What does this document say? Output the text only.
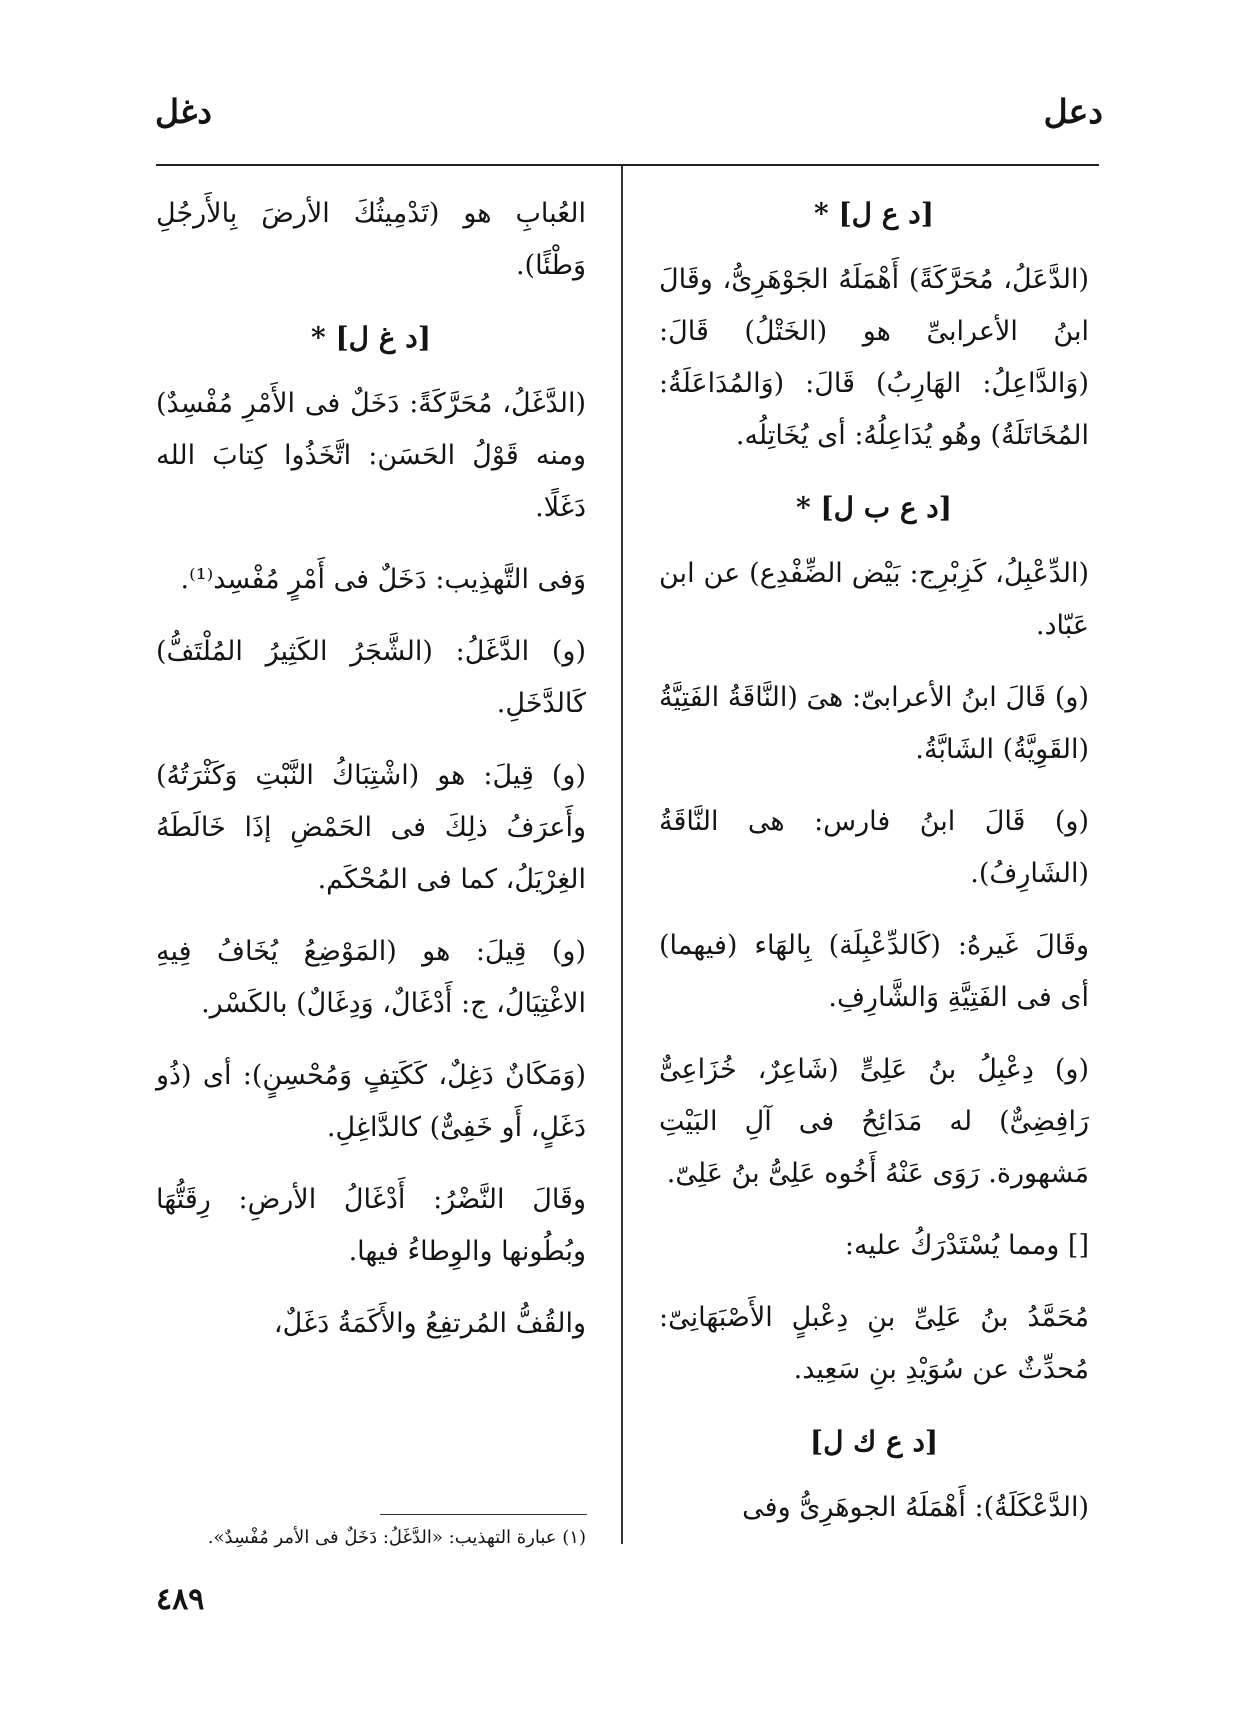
دعل
دغل

[د ع ل] *

(الدَّعَلُ، مُحَرَّكَةً) أَهْمَلَهُ الجَوْهَرِىُّ، وقَالَ ابنُ الأعرابىِّ هو (الخَتْلُ) قَالَ: (وَالدَّاعِلُ: الهَارِبُ) قَالَ: (وَالمُدَاعَلَةُ: المُخَاتَلَةُ) وهُو يُدَاعِلُهُ: أى يُخَاتِلُه.

[د ع ب ل] *

(الدِّعْبِلُ، كَزِبْرِج: بَيْض الضِّفْدِع) عن ابن عَبّاد.

(و) قَالَ ابنُ الأعرابىّ: هىَ (النَّاقَةُ الفَتِيَّةُ (القَوِيَّةُ) الشَابَّةُ.

(و) قَالَ ابنُ فارس: هى النَّاقَةُ (الشَارِفُ).

وقَالَ غَيرهُ: (كَالدِّعْبِلَة) بِالهَاء (فيهما) أى فى الفَتِيَّةِ وَالشَّارِفِ.

(و) دِعْبِلُ بنُ عَلِىٍّ (شَاعِرٌ، خُزَاعِىٌّ رَافِضِىٌّ) له مَدَائِحُ فى آلِ البَيْتِ مَشهورة. رَوَى عَنْهُ أَخُوه عَلِىُّ بنُ عَلِىّ.

[] ومما يُسْتَدْرَكُ عليه:

مُحَمَّدُ بنُ عَلِىِّ بنِ دِعْبلٍ الأَصْبَهَانِىّ: مُحدِّثٌ عن سُوَيْدِ بنِ سَعِيد.

[د ع ك ل]

(الدَّعْكَلَةُ): أَهْمَلَهُ الجوهَرِىُّ وفى

العُبابِ هو (تَدْمِيثُكَ الأرضَ بِالأَرجُلِ وَطْئًا).

[د غ ل] *

(الدَّغَلُ، مُحَرَّكَةً: دَخَلٌ فى الأَمْرِ مُفْسِدٌ) ومنه قَوْلُ الحَسَن: اتَّخَذُوا كِتابَ الله دَغَلًا.

وَفى التَّهذِيب: دَخَلٌ فى أَمْرٍ مُفْسِد⁽¹⁾.

(و) الدَّغَلُ: (الشَّجَرُ الكَثِيرُ المُلْتَفُّ) كَالدَّخَلِ.

(و) قِيلَ: هو (اشْتِبَاكُ النَّبْتِ وَكَثْرَتُهُ) وأَعرَفُ ذلِكَ فى الحَمْضِ إذَا خَالَطَهُ الغِرْيَلُ، كما فى المُحْكَم.

(و) قِيلَ: هو (المَوْضِعُ يُخَافُ فِيهِ الاغْتِيَالُ، ج: أَدْغَالٌ، وَدِغَالٌ) بالكَسْر.

(وَمَكَانٌ دَغِلٌ، كَكَتِفٍ وَمُحْسِنٍ): أى (ذُو دَغَلٍ، أَو خَفِىٌّ) كالدَّاغِلِ.

وقَالَ النَّضْرُ: أَدْغَالُ الأرضِ: رِقَتُّهَا وبُطُونها والوِطاءُ فيها.

والقُفُّ المُرتفِعُ والأَكَمَةُ دَغَلٌ،

(١) عبارة التهذيب: «الدَّغَلُ: دَخَلٌ فى الأمر مُفْسِدٌ».
٤٨٩
